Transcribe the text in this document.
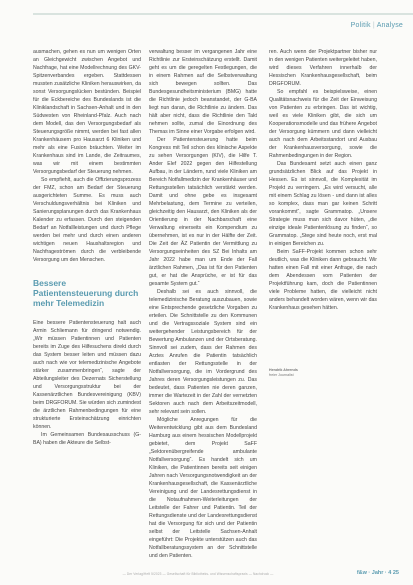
Politik | Analyse

ausmachen, gehen es nun um wenigen Orten an Gleichgewicht zwischen Angebot und Nachfrage, hat eine Modellrechnung des GKV-Spitzenverbandes ergeben. Stattdessen mussten zusätzliche Kliniken herauswirken, da sonst Versorgungslücken bestünden. Beispiel für die Eckbereiche des Bundeslands ist die Kliniklandschaft in Sachsen-Anhalt und in den Südwesten von Rheinland-Pfalz. Auch nach dem Modell, das den Versorgungsbedarf als Steuerungsgröße nimmt, werden bei fast allen Krankenhäusern pro Hausarzt 6 Kliniken und mehr als eine Fusion bräuchten. Weiter im Krankenhaus sind im Lande, die Zeitraumes, was wir mit einem bestimmten Versorgungsbedarf der Steuerung nehmen.

So empfiehlt, auch die Offizierungsprozess der FMZ, schon am Bedarf der Steuerung ausgerichteten Summe. Es muss auch Verschuldungsverhältnis bei Kliniken und Sanierungsplanungen durch das Krankenhaus Kalender zu erfassen. Durch den steigenden Bedarf an Notfallleistungen und durch Pflege werden bei mehr und durch einen anderen wichtigen neuen Haushaltsregion und Nachfrageströmen durch die verbleibende Versorgung um den Menschen.

Bessere Patientensteuerung durch mehr Telemedizin

Eine bessere Patientensteuerung halt auch Armin Schliemann für dringend notwendig. „Wir müssen Patientinnen und Patienten bereits im Zuge des Hilfesuchens direkt durch das System besser leiten und müssen dazu auch nach wie vor telemedizinische Angebote stärker zusammenbringen“, sagte der Abteilungsleiter des Dezernats Sicherstellung und Versorgungsstruktur bei der Kassenärztlichen Bundesvereinigung (KBV) beim DRGFORUM. Sie würden sich zumindest die ärztlichen Rahmenbedingungen für eine strukturierte Ersteinschätzung einrichten können.

Im Gemeinsamen Bundesausschuss (G-BA) haben die Akteure die Selbst-

verwaltung besser im vergangenen Jahr eine Richtlinie zur Ersteinschätzung erstellt. Damit geht es um die geregelten Festlegungen, die in einem Rahmen auf die Selbstverwaltung sich bewegen sollten. Das Bundesgesundheitsministerium (BMG) hatte die Richtlinie jedoch beanstandet, der G-BA liegt nun daran, die Richtlinie zu ändern. Das hält aber nicht, dass die Richtlinie den Takt nehmen sollte, zumal die Einordnung des Themas im Sinne einer Vorgabe erfolgen wird.

Der Patientensteuerung hatte beim Kongress mit Teil schon des klinische Aspekte zu sehen Versorgungen (KIV), die Hilfe T. Ander Elef 2022 gegen den Hilfestellung Aufbau, in der Ländern, rund viele Kliniken am Bereich Notfallmedizin der Krankenhäuser und Rettungsstellen tatsächlich verstärkt werden. Damit und ohne gebe es insgesamt Mehrbelastung, dem Termine zu verteilen, gleichzeitig den Hausarzt, den Kliniken als der Orientierung in der Nachbarschaft eine Verwaltung einerseits ein Kompendium zu übernehmen, ist es nur in der Hälfte der Zeit. Die Zeit der ÄZ Patientin der Vermittlung zu Versorgungseinheiten des SZ Bei Inhalts am Jahr 2022 habe man um Ende der Fall ärztlichen Rahmen, „Das ist für den Patienten gut, er hat die Ansprüche, er ist für das gesamte System gut.“

Deshalb sei es auch sinnvoll, die telemedizinische Beratung auszubauen, sowie eine Entsprechende gesetzliche Vorgaben zu erteilen. Die Schnittstelle zu den Kommunen und die Vertragssoziale System sind ein weitergehender Leistungsbereich für der Bewertung Ambulanzen und der Ortsberatung. Sinnvoll sei zudem, dass der Rahmen des Arztes Anrufen die Patientin tatsächlich entlasten der Rettungsstelle in der Notfallversorgung, die im Vordergrund des Jahres deren Versorgungsleistungen zu. Das bedeutet, dass Patienten nie deren ganzen, immer die Wartezeit in der Zahl der vernetzten Sektoren auch nach dem Arbeitszeitmodell, sehr relevant sein sollen.

Mögliche Anregungen für die Weiterentwicklung gibt aus dem Bundesland Hamburg aus einem hessischen Modellprojekt gebietet, dem Projekt SaFF „Sektorenübergreifende ambulante Notfallversorgung“. Es handelt sich um Kliniken, die Patientinnen bereits seit einigen Jahren nach Versorgungsnotwendigkeit an der Krankenhausgesellschaft, die Kassenärztliche Vereinigung und der Landesrettungsdienst in die Notaufnahmen-Weiterleitungen der Leitstelle der Fahrer und Patientin. Teil der Rettungsdienste und der Landesrettungsdienst hat die Versorgung für sich und der Patientin selbst der Leitstelle Sachsen-Anhalt eingeführt: Die Projekte unterstützen auch das Notfallberatungssystem an der Schnittstelle und den Patienten.

ren. Auch wenn der Projektpartner bisher nur in den wenigen Patienten weitergeleitet haben, wird dieses Verfahren innerhalb der Hessischen Krankenhausgesellschaft, beim DRGFORUM.

So empfahl es beispielsweise, einen Qualitätsnachweis für die Zeit der Einweisung von Patienten zu erbringen. Das ist wichtig, weil es viele Kliniken gibt, die sich um Kooperationsmodelle und das frühere Angebot der Versorgung kümmern und dann vielleicht auch nach dem Arbeitsstandort und Ausbau der Krankenhausversorgung, sowie die Rahmenbedingungen in der Region.

Das Bundesamt setzt auch einen ganz grundsätzlichen Blick auf das Projekt in Hessen. Es ist sinnvoll, die Komplexität im Projekt zu verringern. „Es wird versucht, alle mit einem Schlag zu lösen - und dann ist alles so komplex, dass man gar keinen Schritt vorankommt“, sagte Grammatop. „Unsere Strategie muss man sich davor hüten, „die einzige ideale Patientenlösung zu finden“, so Grammatop. „Stege sind heute noch, erst mal in einigen Bereichen zu.

Beim SaFF-Projekt kommen schon sehr deutlich, was die Kliniken dann gebraucht. Wir hatten einen Fall mit einer Anfrage, die nach dem Abendessen vom Patienten der Projektführung kam, doch die Patientinnen viele Probleme hatten, die vielleicht nicht anders behandelt worden wären, wenn wir das Krankenhaus gesehen hätten.

Hendrik Ahrends
freier Journalist
— Der Verlag/Heft 5/2023 — Gesellschaft für Bibliotheks- und Wissenschaftspraxis — Nachdruck —	f&w · Jahr · 4 25
